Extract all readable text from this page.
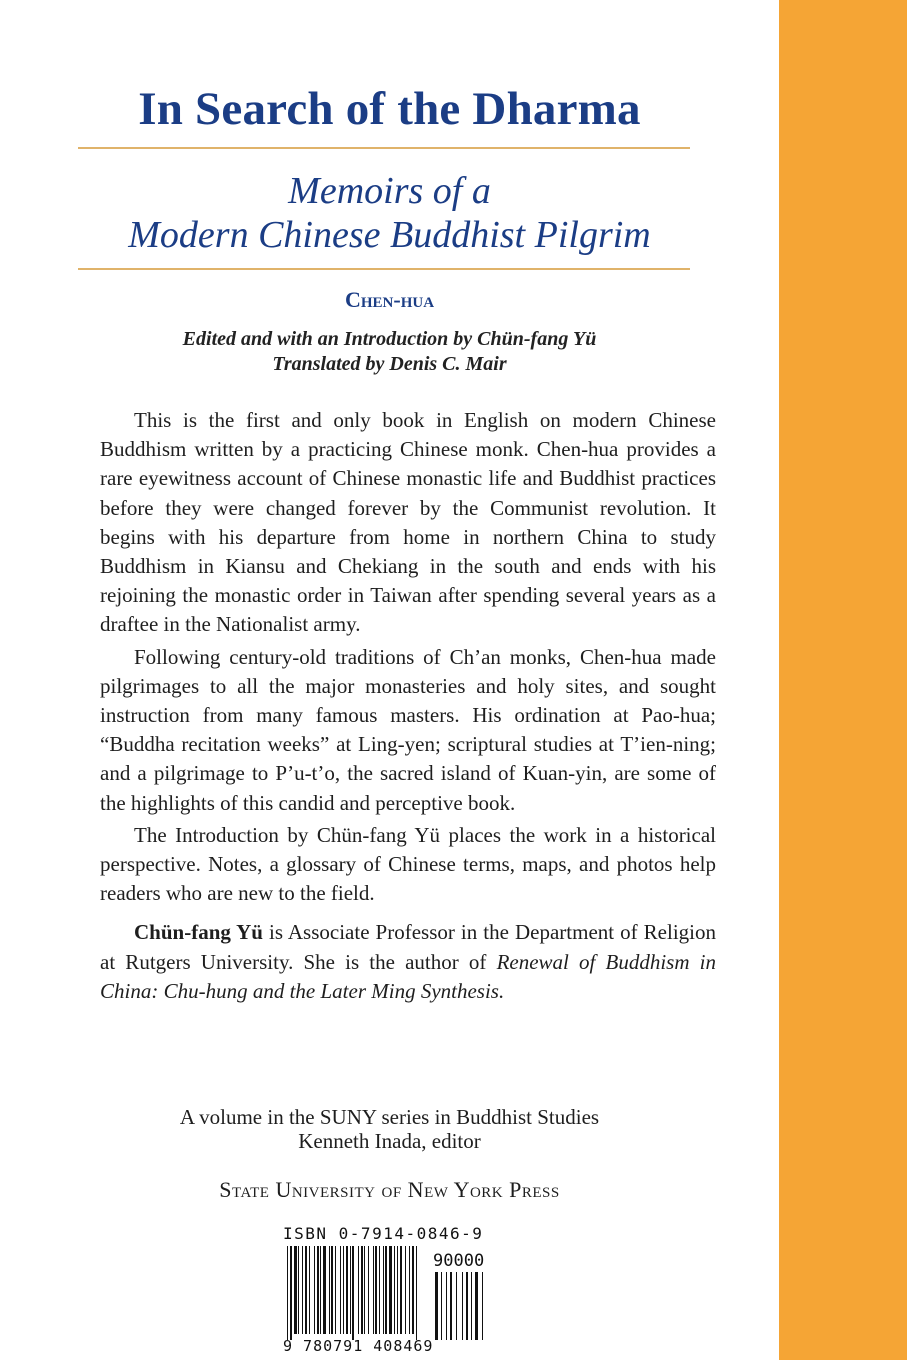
In Search of the Dharma
Memoirs of a
Modern Chinese Buddhist Pilgrim
Chen-hua
Edited and with an Introduction by Chün-fang Yü
Translated by Denis C. Mair

This is the first and only book in English on modern Chinese Buddhism written by a practicing Chinese monk. Chen-hua provides a rare eyewitness account of Chinese monastic life and Buddhist practices before they were changed forever by the Communist revolution. It begins with his departure from home in northern China to study Buddhism in Kiansu and Chekiang in the south and ends with his rejoining the monastic order in Taiwan after spending several years as a draftee in the Nationalist army.

Following century-old traditions of Ch’an monks, Chen-hua made pilgrimages to all the major monasteries and holy sites, and sought instruction from many famous masters. His ordination at Pao-hua; “Buddha recitation weeks” at Ling-yen; scriptural studies at T’ien-ning; and a pilgrimage to P’u-t’o, the sacred island of Kuan-yin, are some of the highlights of this candid and perceptive book.

The Introduction by Chün-fang Yü places the work in a historical perspective. Notes, a glossary of Chinese terms, maps, and photos help readers who are new to the field.

Chün-fang Yü is Associate Professor in the Department of Religion at Rutgers University. She is the author of Renewal of Buddhism in China: Chu-hung and the Later Ming Synthesis.

A volume in the SUNY series in Buddhist Studies
Kenneth Inada, editor
State University of New York Press
ISBN 0-7914-0846-9
90000
9 780791 408469
